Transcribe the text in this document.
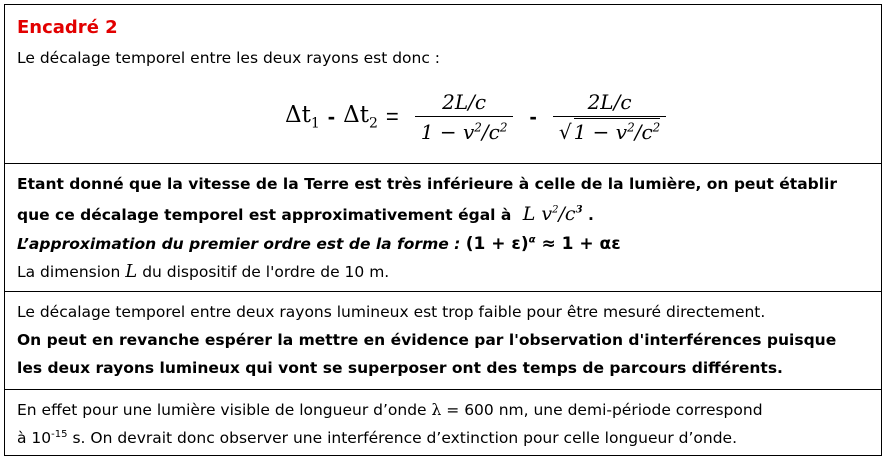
Encadré 2
Le décalage temporel entre les deux rayons est donc :
$\Delta t_1 - \Delta t_2 = \frac{2L/c}{1 - v^2/c^2} - \frac{2L/c}{√ 1 - v^2/c^2}$
Etant donné que la vitesse de la Terre est très inférieure à celle de la lumière, on peut établir
que ce décalage temporel est approximativement égal à L $v^2/c^3$ .
L’approximation du premier ordre est de la forme : $(1 + \varepsilon)^\alpha \approx 1 + \alpha\varepsilon$
La dimension L du dispositif de l'ordre de 10 m.
Le décalage temporel entre deux rayons lumineux est trop faible pour être mesuré directement.
On peut en revanche espérer la mettre en évidence par l'observation d'interférences puisque
les deux rayons lumineux qui vont se superposer ont des temps de parcours différents.
En effet pour une lumière visible de longueur d’onde λ = 600 nm, une demi-période correspond
à $10^{-15}$ s. On devrait donc observer une interférence d’extinction pour celle longueur d’onde.
